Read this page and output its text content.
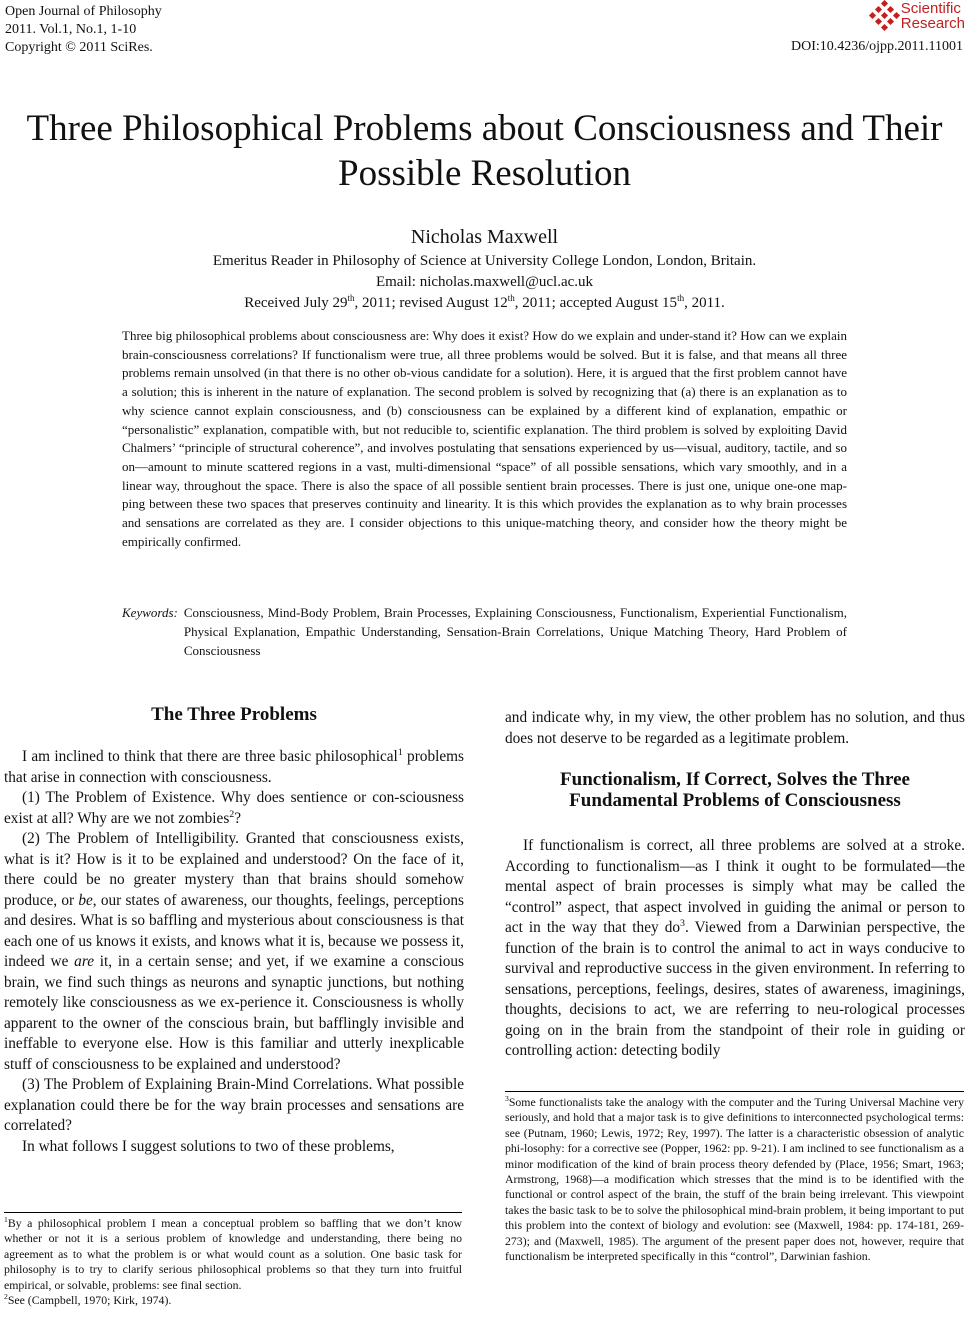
Open Journal of Philosophy
2011. Vol.1, No.1, 1-10
Copyright © 2011 SciRes.
Scientific
Research
DOI:10.4236/ojpp.2011.11001
Three Philosophical Problems about Consciousness and Their Possible Resolution
Nicholas Maxwell
Emeritus Reader in Philosophy of Science at University College London, London, Britain.
Email: nicholas.maxwell@ucl.ac.uk
Received July 29th, 2011; revised August 12th, 2011; accepted August 15th, 2011.
Three big philosophical problems about consciousness are: Why does it exist? How do we explain and under-stand it? How can we explain brain-consciousness correlations? If functionalism were true, all three problems would be solved. But it is false, and that means all three problems remain unsolved (in that there is no other ob-vious candidate for a solution). Here, it is argued that the first problem cannot have a solution; this is inherent in the nature of explanation. The second problem is solved by recognizing that (a) there is an explanation as to why science cannot explain consciousness, and (b) consciousness can be explained by a different kind of explanation, empathic or “personalistic” explanation, compatible with, but not reducible to, scientific explanation. The third problem is solved by exploiting David Chalmers’ “principle of structural coherence”, and involves postulating that sensations experienced by us—visual, auditory, tactile, and so on—amount to minute scattered regions in a vast, multi-dimensional “space” of all possible sensations, which vary smoothly, and in a linear way, throughout the space. There is also the space of all possible sentient brain processes. There is just one, unique one-one map-ping between these two spaces that preserves continuity and linearity. It is this which provides the explanation as to why brain processes and sensations are correlated as they are. I consider objections to this unique-matching theory, and consider how the theory might be empirically confirmed.
Keywords: Consciousness, Mind-Body Problem, Brain Processes, Explaining Consciousness, Functionalism, Experiential Functionalism, Physical Explanation, Empathic Understanding, Sensation-Brain Correlations, Unique Matching Theory, Hard Problem of Consciousness
The Three Problems

I am inclined to think that there are three basic philosophical$^1$ problems that arise in connection with consciousness.

(1) The Problem of Existence. Why does sentience or con-sciousness exist at all? Why are we not zombies$^2$?

(2) The Problem of Intelligibility. Granted that consciousness exists, what is it? How is it to be explained and understood? On the face of it, there could be no greater mystery than that brains should somehow produce, or be, our states of awareness, our thoughts, feelings, perceptions and desires. What is so baffling and mysterious about consciousness is that each one of us knows it exists, and knows what it is, because we possess it, indeed we are it, in a certain sense; and yet, if we examine a conscious brain, we find such things as neurons and synaptic junctions, but nothing remotely like consciousness as we ex-perience it. Consciousness is wholly apparent to the owner of the conscious brain, but bafflingly invisible and ineffable to everyone else. How is this familiar and utterly inexplicable stuff of consciousness to be explained and understood?

(3) The Problem of Explaining Brain-Mind Correlations. What possible explanation could there be for the way brain processes and sensations are correlated?

In what follows I suggest solutions to two of these problems,

$^1$By a philosophical problem I mean a conceptual problem so baffling that we don’t know whether or not it is a serious problem of knowledge and understanding, there being no agreement as to what the problem is or what would count as a solution. One basic task for philosophy is to try to clarify serious philosophical problems so that they turn into fruitful empirical, or solvable, problems: see final section.

$^2$See (Campbell, 1970; Kirk, 1974).

and indicate why, in my view, the other problem has no solution, and thus does not deserve to be regarded as a legitimate problem.

Functionalism, If Correct, Solves the Three Fundamental Problems of Consciousness

If functionalism is correct, all three problems are solved at a stroke. According to functionalism—as I think it ought to be formulated—the mental aspect of brain processes is simply what may be called the “control” aspect, that aspect involved in guiding the animal or person to act in the way that they $do^3$. Viewed from a Darwinian perspective, the function of the brain is to control the animal to act in ways conducive to survival and reproductive success in the given environment. In referring to sensations, perceptions, feelings, desires, states of awareness, imaginings, thoughts, decisions to act, we are referring to neu-rological processes going on in the brain from the standpoint of their role in guiding or controlling action: detecting bodily

$^3$Some functionalists take the analogy with the computer and the Turing Universal Machine very seriously, and hold that a major task is to give definitions to interconnected psychological terms: see (Putnam, 1960; Lewis, 1972; Rey, 1997). The latter is a characteristic obsession of analytic phi-losophy: for a corrective see (Popper, 1962: pp. 9-21). I am inclined to see functionalism as a minor modification of the kind of brain process theory defended by (Place, 1956; Smart, 1963; Armstrong, 1968)—a modification which stresses that the mind is to be identified with the functional or control aspect of the brain, the stuff of the brain being irrelevant. This viewpoint takes the basic task to be to solve the philosophical mind-brain problem, it being important to put this problem into the context of biology and evolution: see (Maxwell, 1984: pp. 174-181, 269-273); and (Maxwell, 1985). The argument of the present paper does not, however, require that functionalism be interpreted specifically in this “control”, Darwinian fashion.
